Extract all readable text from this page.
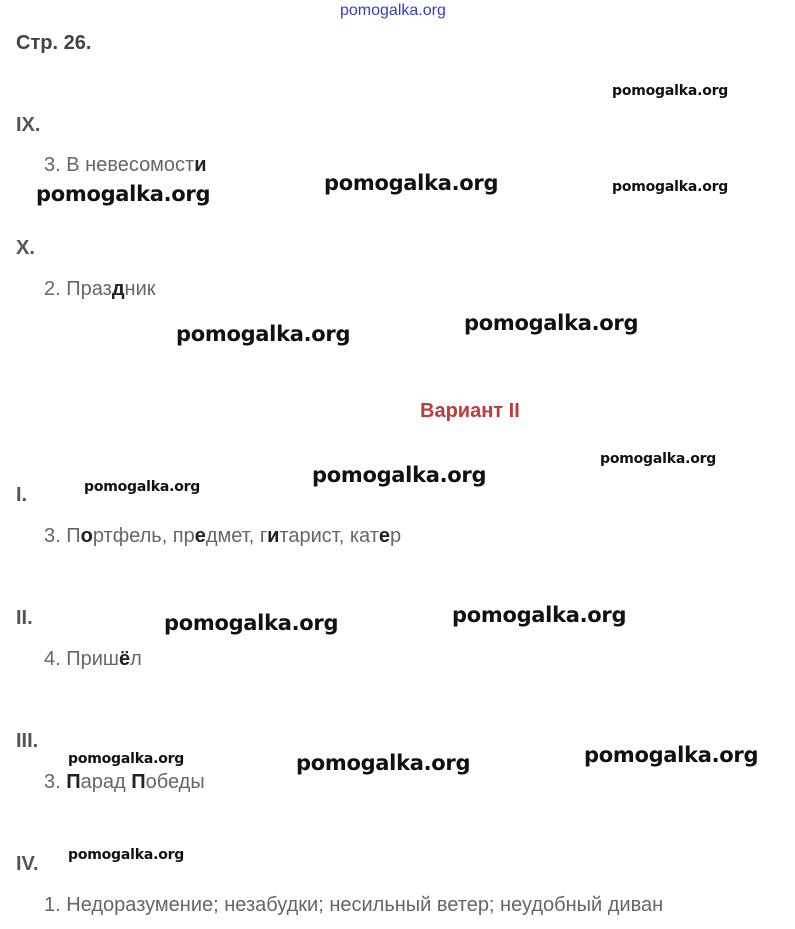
pomogalka.org
Стр. 26.
IX.
3. В невесомости
X.
2. Праздник
Вариант II
I.
3. Портфель, предмет, гитарист, катер
II.
4. Пришёл
III.
3. Парад Победы
IV.
1. Недоразумение; незабудки; несильный ветер; неудобный диван
pomogalka.org
pomogalka.org	pomogalka.org	pomogalka.org
pomogalka.org	pomogalka.org
pomogalka.org
pomogalka.org
pomogalka.org
pomogalka.org	pomogalka.org
pomogalka.org	pomogalka.org	pomogalka.org
pomogalka.org
